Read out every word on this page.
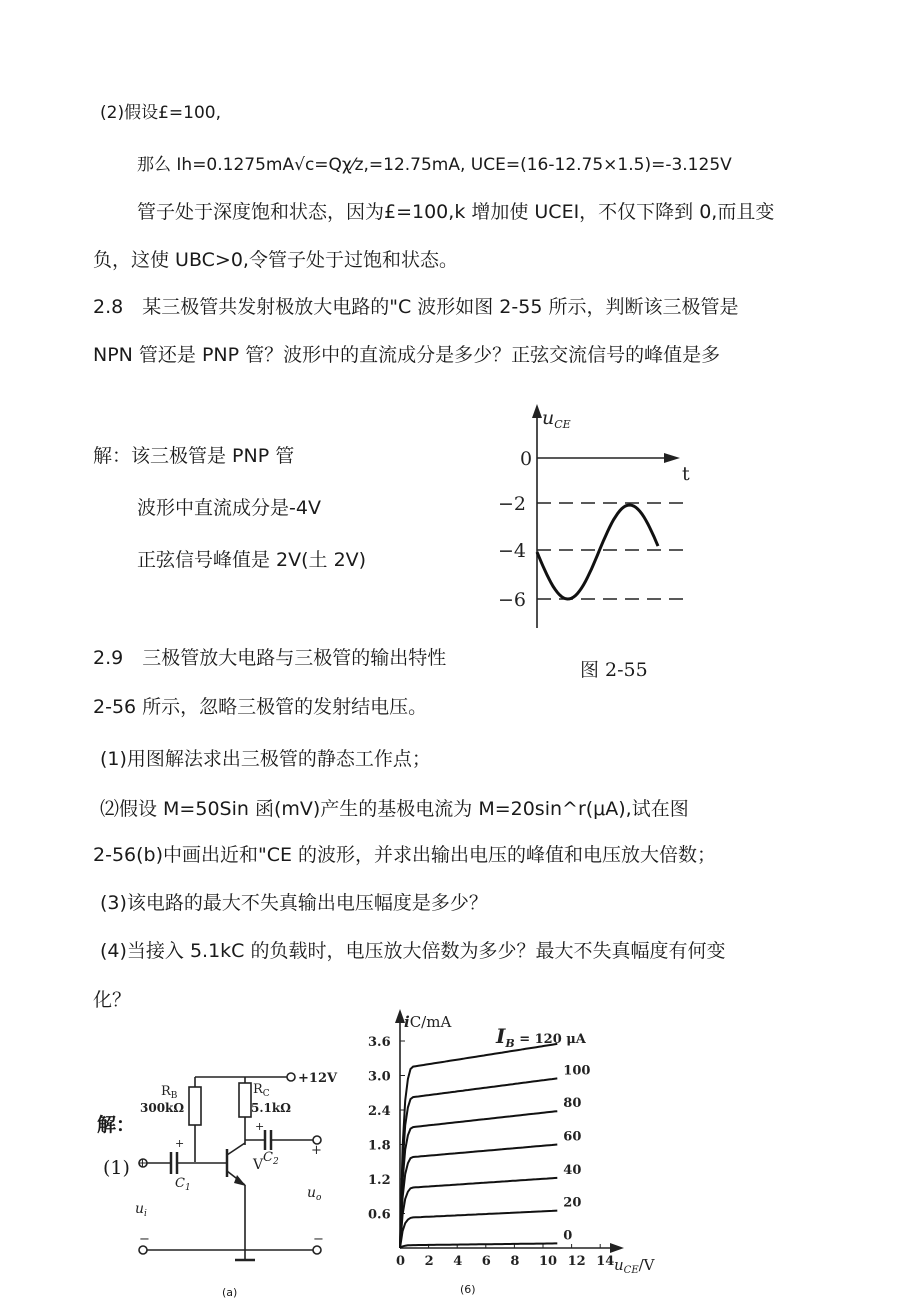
(2)假设£=100,
那么 Ih=0.1275mA√c=Qχ⁄z,=12.75mA, UCE=(16-12.75×1.5)=-3.125V
管子处于深度饱和状态，因为£=100,k 增加使 UCEI，不仅下降到 0,而且变
负，这使 UBC>0,令管子处于过饱和状态。
2.8　某三极管共发射极放大电路的"C 波形如图 2-55 所示，判断该三极管是
NPN 管还是 PNP 管？波形中的直流成分是多少？正弦交流信号的峰值是多
解：该三极管是 PNP 管
波形中直流成分是-4V
正弦信号峰值是 2V(土 2V)
2.9　三极管放大电路与三极管的输出特性
2-56 所示，忽略三极管的发射结电压。
(1)用图解法求出三极管的静态工作点；
⑵假设 M=50Sin 函(mV)产生的基极电流为 M=20sin^r(μA),试在图
2-56(b)中画出近和"CE 的波形，并求出输出电压的峰值和电压放大倍数；
(3)该电路的最大不失真输出电压幅度是多少？
(4)当接入 5.1kC 的负载时，电压放大倍数为多少？最大不失真幅度有何变
化？
解：
(1)
$u_{CE}$
t
0
−2
−4
−6
图 2-55
+
+
+
+
−	−
+12V
$R_B$
300kΩ
$R_C$
5.1kΩ
$C_1$
$C_2$
V
$u_i$
$u_o$
(a)
iC/mA
$u_{CE}/V$
$I_B = 120$ μA
0 2 4 6 8 10 12 14
3.6
3.0
2.4
1.8
1.2
0.6
100
80
60
40
20
0
(6)
